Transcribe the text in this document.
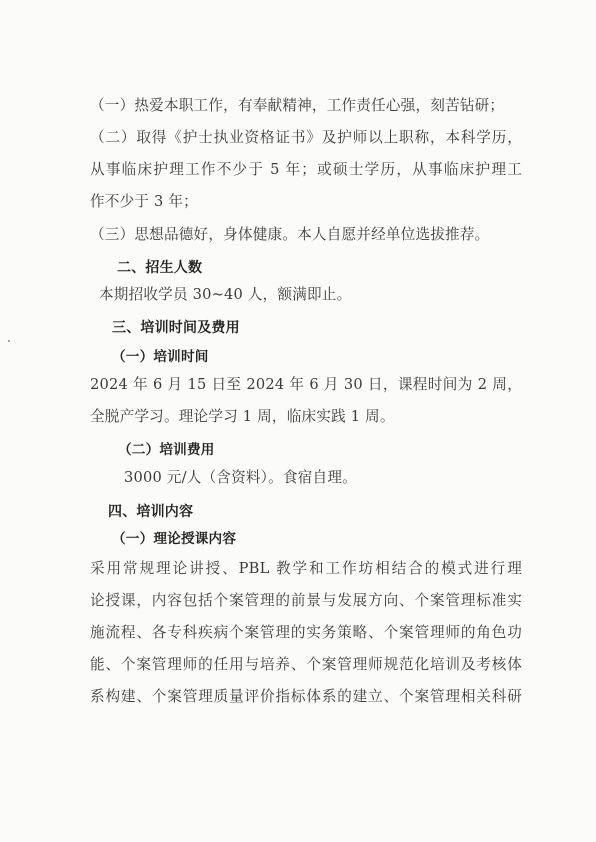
（一）热爱本职工作，有奉献精神，工作责任心强，刻苦钻研；
（二）取得《护士执业资格证书》及护师以上职称，本科学历，
从事临床护理工作不少于 5 年；或硕士学历，从事临床护理工
作不少于 3 年；
（三）思想品德好，身体健康。本人自愿并经单位选拔推荐。
二、招生人数
本期招收学员 30~40 人，额满即止。
三、培训时间及费用
（一）培训时间
2024 年 6 月 15 日至 2024 年 6 月 30 日，课程时间为 2 周，
全脱产学习。理论学习 1 周，临床实践 1 周。
（二）培训费用
3000 元/人（含资料）。食宿自理。
四、培训内容
（一）理论授课内容
采用常规理论讲授、PBL 教学和工作坊相结合的模式进行理
论授课，内容包括个案管理的前景与发展方向、个案管理标准实
施流程、各专科疾病个案管理的实务策略、个案管理师的角色功
能、个案管理师的任用与培养、个案管理师规范化培训及考核体
系构建、个案管理质量评价指标体系的建立、个案管理相关科研
